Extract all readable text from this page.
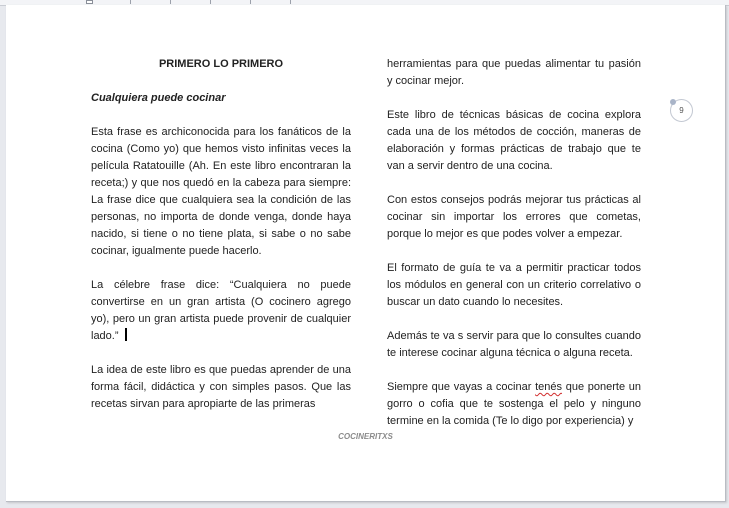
PRIMERO LO PRIMERO

Cualquiera puede cocinar

Esta frase es archiconocida para los fanáticos de la cocina (Como yo) que hemos visto infinitas veces la película Ratatouille (Ah. En este libro encontraran la receta;) y que nos quedó en la cabeza para siempre: La frase dice que cualquiera sea la condición de las personas, no importa de donde venga, donde haya nacido, si tiene o no tiene plata, si sabe o no sabe cocinar, igualmente puede hacerlo.

La célebre frase dice: “Cualquiera no puede convertirse en un gran artista (O cocinero agrego yo), pero un gran artista puede provenir de cualquier lado.”

La idea de este libro es que puedas aprender de una forma fácil, didáctica y con simples pasos. Que las recetas sirvan para apropiarte de las primeras

herramientas para que puedas alimentar tu pasión y cocinar mejor.

Este libro de técnicas básicas de cocina explora cada una de los métodos de cocción, maneras de elaboración y formas prácticas de trabajo que te van a servir dentro de una cocina.

Con estos consejos podrás mejorar tus prácticas al cocinar sin importar los errores que cometas, porque lo mejor es que podes volver a empezar.

El formato de guía te va a permitir practicar todos los módulos en general con un criterio correlativo o buscar un dato cuando lo necesites.

Además te va s servir para que lo consultes cuando te interese cocinar alguna técnica o alguna receta.

Siempre que vayas a cocinar tenés que ponerte un gorro o cofia que te sostenga el pelo y ninguno termine en la comida (Te lo digo por experiencia) y

9
COCINERITXS
